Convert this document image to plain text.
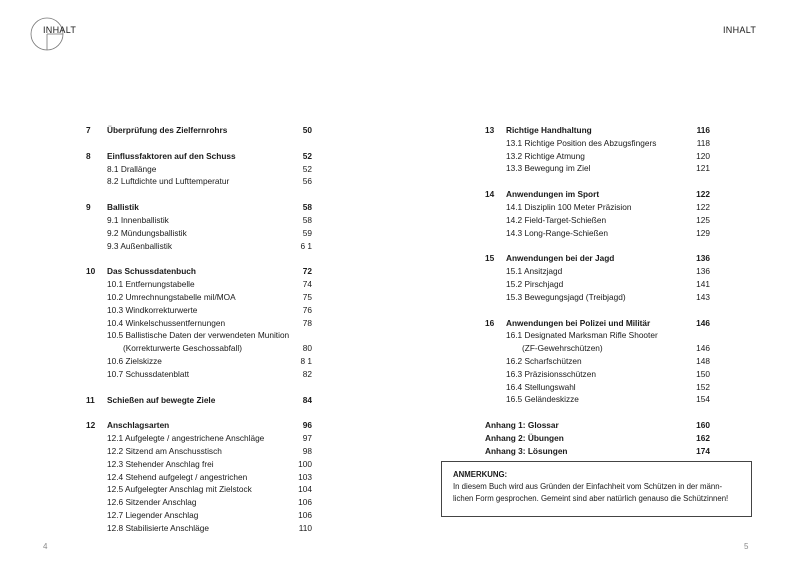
INHALT	INHALT
7 Überprüfung des Zielfernrohrs	50
8 Einflussfaktoren auf den Schuss	52
8.1 Drallänge	52
8.2 Luftdichte und Lufttemperatur	56
9 Ballistik	58
9.1 Innenballistik	58
9.2 Mündungsballistik	59
9.3 Außenballistik	6 1
10 Das Schussdatenbuch	72
10.1 Entfernungstabelle	74
10.2 Umrechnungstabelle mil/MOA	75
10.3 Windkorrekturwerte	76
10.4 Winkelschussentfernungen	78
10.5 Ballistische Daten der verwendeten Munition
(Korrekturwerte Geschossabfall)	80
10.6 Zielskizze	8 1
10.7 Schussdatenblatt	82
11 Schießen auf bewegte Ziele	84
12 Anschlagsarten	96
12.1 Aufgelegte / angestrichene Anschläge	97
12.2 Sitzend am Anschusstisch	98
12.3 Stehender Anschlag frei	100
12.4 Stehend aufgelegt / angestrichen	103
12.5 Aufgelegter Anschlag mit Zielstock	104
12.6 Sitzender Anschlag	106
12.7 Liegender Anschlag	106
12.8 Stabilisierte Anschläge	110
13 Richtige Handhaltung	116
13.1 Richtige Position des Abzugsfingers	118
13.2 Richtige Atmung	120
13.3 Bewegung im Ziel	121
14 Anwendungen im Sport	122
14.1 Disziplin 100 Meter Präzision	122
14.2 Field-Target-Schießen	125
14.3 Long-Range-Schießen	129
15 Anwendungen bei der Jagd	136
15.1 Ansitzjagd	136
15.2 Pirschjagd	141
15.3 Bewegungsjagd (Treibjagd)	143
16 Anwendungen bei Polizei und Militär	146
16.1 Designated Marksman Rifle Shooter
(ZF-Gewehrschützen)	146
16.2 Scharfschützen	148
16.3 Präzisionsschützen	150
16.4 Stellungswahl	152
16.5 Geländeskizze	154
Anhang 1: Glossar	160
Anhang 2: Übungen	162
Anhang 3: Lösungen	174
ANMERKUNG:
In diesem Buch wird aus Gründen der Einfachheit vom Schützen in der männ-
lichen Form gesprochen. Gemeint sind aber natürlich genauso die Schützinnen!
4	5
